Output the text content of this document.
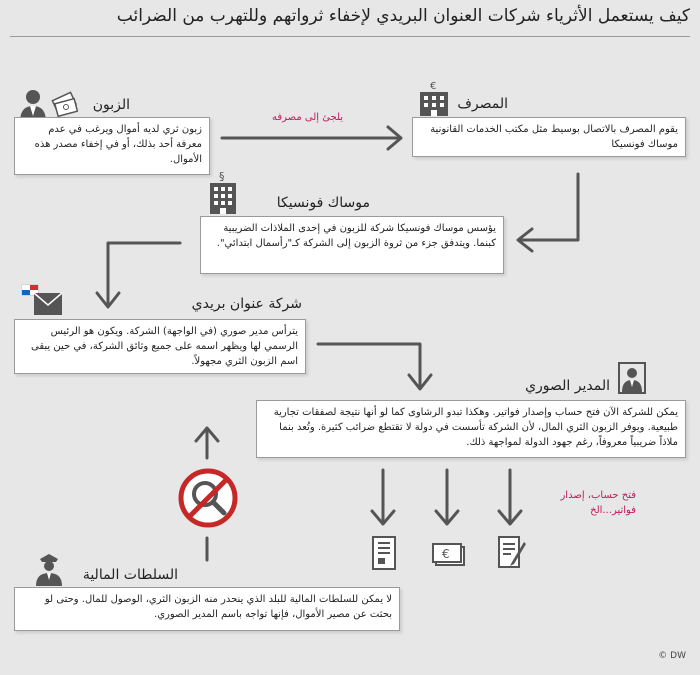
كيف يستعمل الأثرياء شركات العنوان البريدي لإخفاء ثرواتهم وللتهرب من الضرائب
يلجئ إلى مصرفه
الزبون
زبون ثري لديه أموال ويرغب في عدم معرفة أحد بذلك، أو في إخفاء مصدر هذه الأموال.
€
المصرف
يقوم المصرف بالاتصال بوسيط مثل مكتب الخدمات القانونية موساك فونسيكا
§
موساك فونسيكا
يؤسس موساك فونسيكا شركة للزبون في إحدى الملاذات الضريبية كبنما. ويتدفق جزء من ثروة الزبون إلى الشركة كـ"رأسمال ابتدائي".
شركة عنوان بريدي
يترأس مدير صوري (في الواجهة) الشركة. ويكون هو الرئيس الرسمي لها ويظهر اسمه على جميع وثائق الشركة، في حين يبقى اسم الزبون الثري مجهولاً.
المدير الصوري
يمكن للشركة الآن فتح حساب وإصدار فواتير. وهكذا تبدو الرشاوى كما لو أنها نتيجة لصفقات تجارية طبيعية. ويوفر الزبون الثري المال، لأن الشركة تأسست في دولة لا تقتطع ضرائب كثيرة. وتُعد بنما ملاذاً ضريبياً معروفاً، رغم جهود الدولة لمواجهة ذلك.
€
فتح حساب، إصدار فواتير...الخ
السلطات المالية
لا يمكن للسلطات المالية للبلد الذي ينحدر منه الزبون الثري، الوصول للمال. وحتى لو بحثت عن مصير الأموال، فإنها تواجه باسم المدير الصوري.
© DW
